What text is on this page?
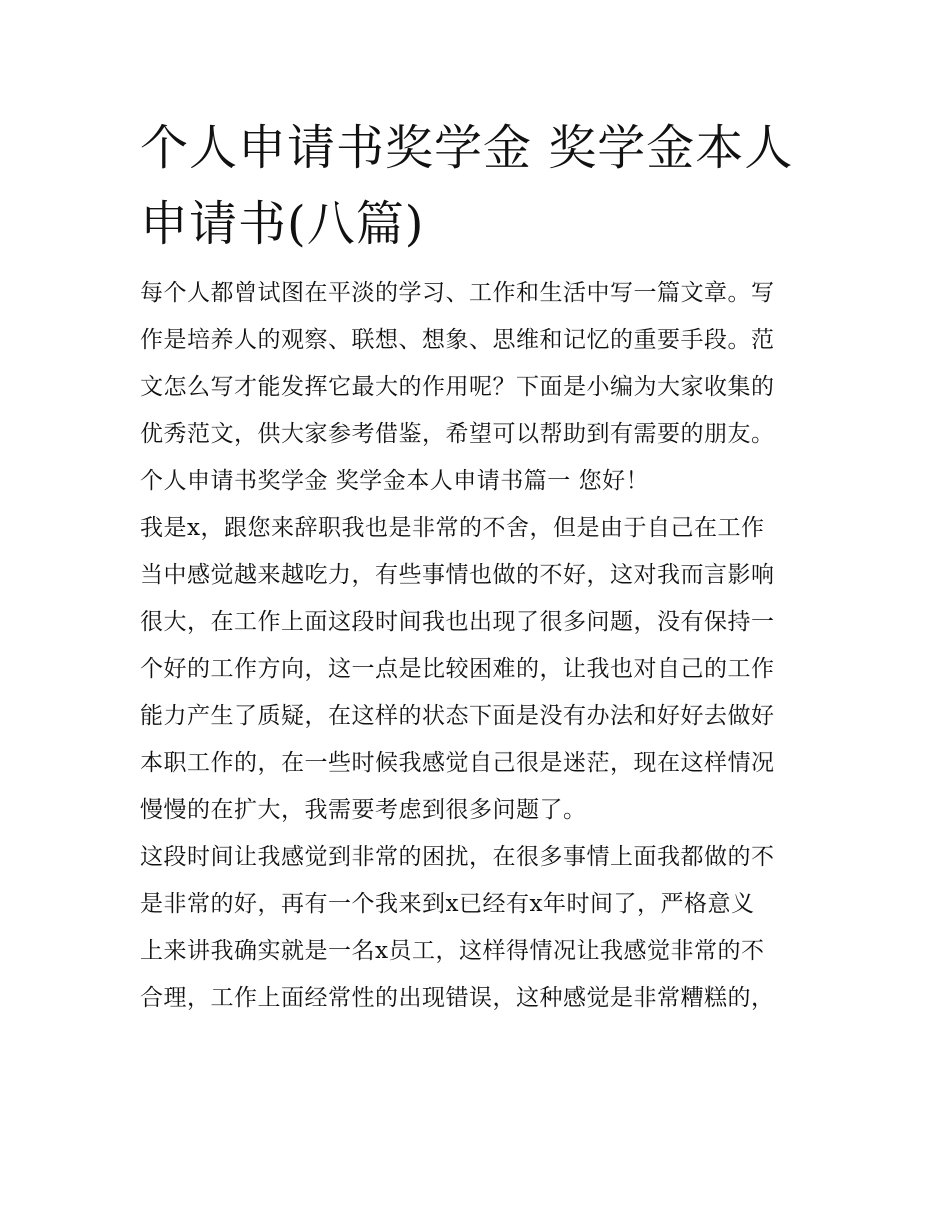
个人申请书奖学金 奖学金本人
申请书(八篇)

每个人都曾试图在平淡的学习、工作和生活中写一篇文章。写
作是培养人的观察、联想、想象、思维和记忆的重要手段。范
文怎么写才能发挥它最大的作用呢？下面是小编为大家收集的
优秀范文，供大家参考借鉴，希望可以帮助到有需要的朋友。

个人申请书奖学金 奖学金本人申请书篇一 您好！

我是x，跟您来辞职我也是非常的不舍，但是由于自己在工作
当中感觉越来越吃力，有些事情也做的不好，这对我而言影响
很大，在工作上面这段时间我也出现了很多问题，没有保持一
个好的工作方向，这一点是比较困难的，让我也对自己的工作
能力产生了质疑，在这样的状态下面是没有办法和好好去做好
本职工作的，在一些时候我感觉自己很是迷茫，现在这样情况
慢慢的在扩大，我需要考虑到很多问题了。

这段时间让我感觉到非常的困扰，在很多事情上面我都做的不
是非常的好，再有一个我来到x已经有x年时间了，严格意义
上来讲我确实就是一名x员工，这样得情况让我感觉非常的不
合理，工作上面经常性的出现错误，这种感觉是非常糟糕的，
